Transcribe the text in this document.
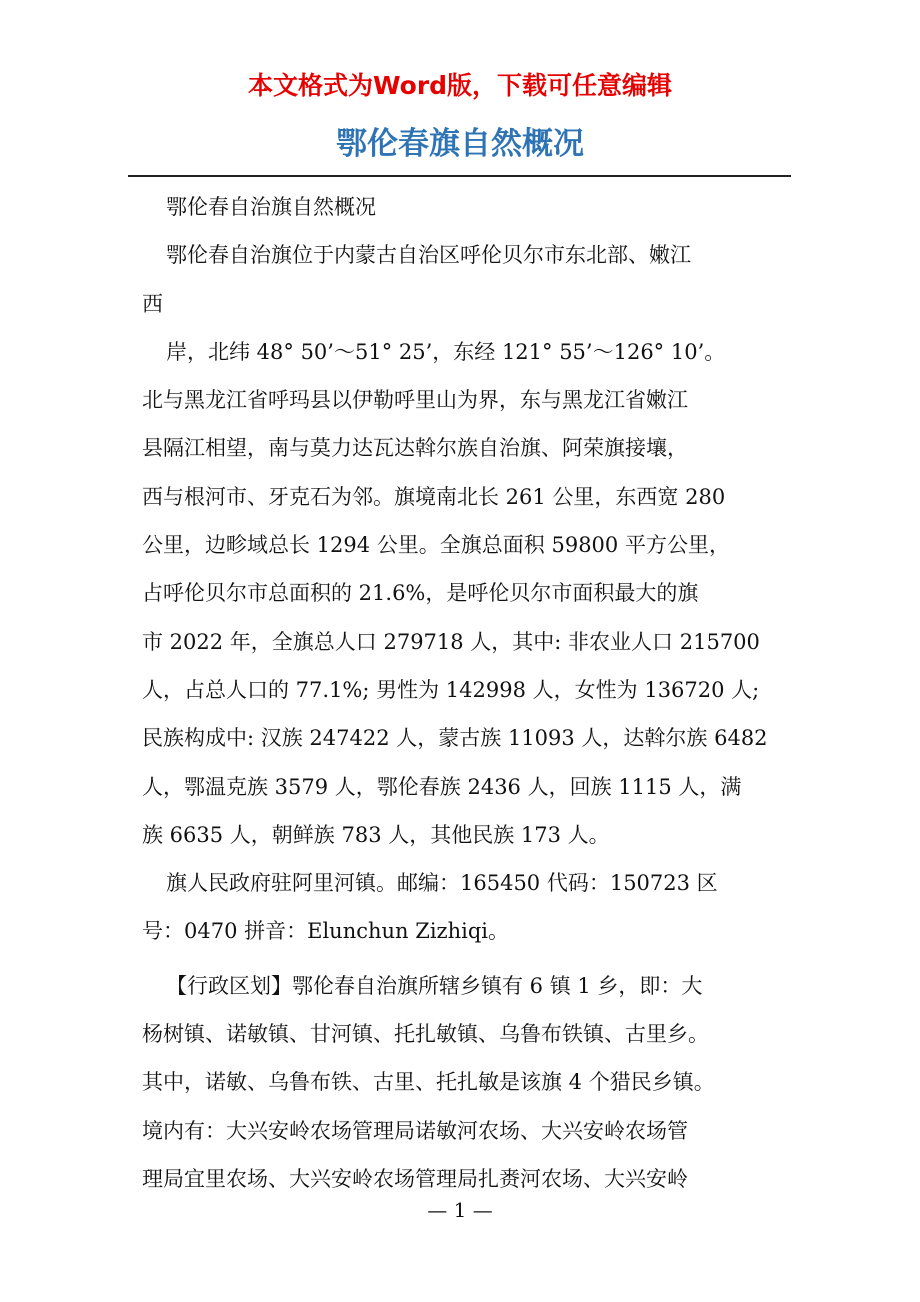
本文格式为Word版，下载可任意编辑
鄂伦春旗自然概况

鄂伦春自治旗自然概况

鄂伦春自治旗位于内蒙古自治区呼伦贝尔市东北部、嫩江

西

岸，北纬 48° 50’～51° 25’，东经 121° 55’～126° 10’。

北与黑龙江省呼玛县以伊勒呼里山为界，东与黑龙江省嫩江

县隔江相望，南与莫力达瓦达斡尔族自治旗、阿荣旗接壤，

西与根河市、牙克石为邻。旗境南北长 261 公里，东西宽 280

公里，边畛域总长 1294 公里。全旗总面积 59800 平方公里，

占呼伦贝尔市总面积的 21.6%，是呼伦贝尔市面积最大的旗

市 2022 年，全旗总人口 279718 人，其中: 非农业人口 215700

人，占总人口的 77.1%; 男性为 142998 人，女性为 136720 人;

民族构成中: 汉族 247422 人，蒙古族 11093 人，达斡尔族 6482

人，鄂温克族 3579 人，鄂伦春族 2436 人，回族 1115 人，满

族 6635 人，朝鲜族 783 人，其他民族 173 人。

旗人民政府驻阿里河镇。邮编：165450 代码：150723 区

号：0470 拼音：Elunchun Zizhiqi。

【行政区划】鄂伦春自治旗所辖乡镇有 6 镇 1 乡，即：大

杨树镇、诺敏镇、甘河镇、托扎敏镇、乌鲁布铁镇、古里乡。

其中，诺敏、乌鲁布铁、古里、托扎敏是该旗 4 个猎民乡镇。

境内有：大兴安岭农场管理局诺敏河农场、大兴安岭农场管

理局宜里农场、大兴安岭农场管理局扎赉河农场、大兴安岭

— 1 —
